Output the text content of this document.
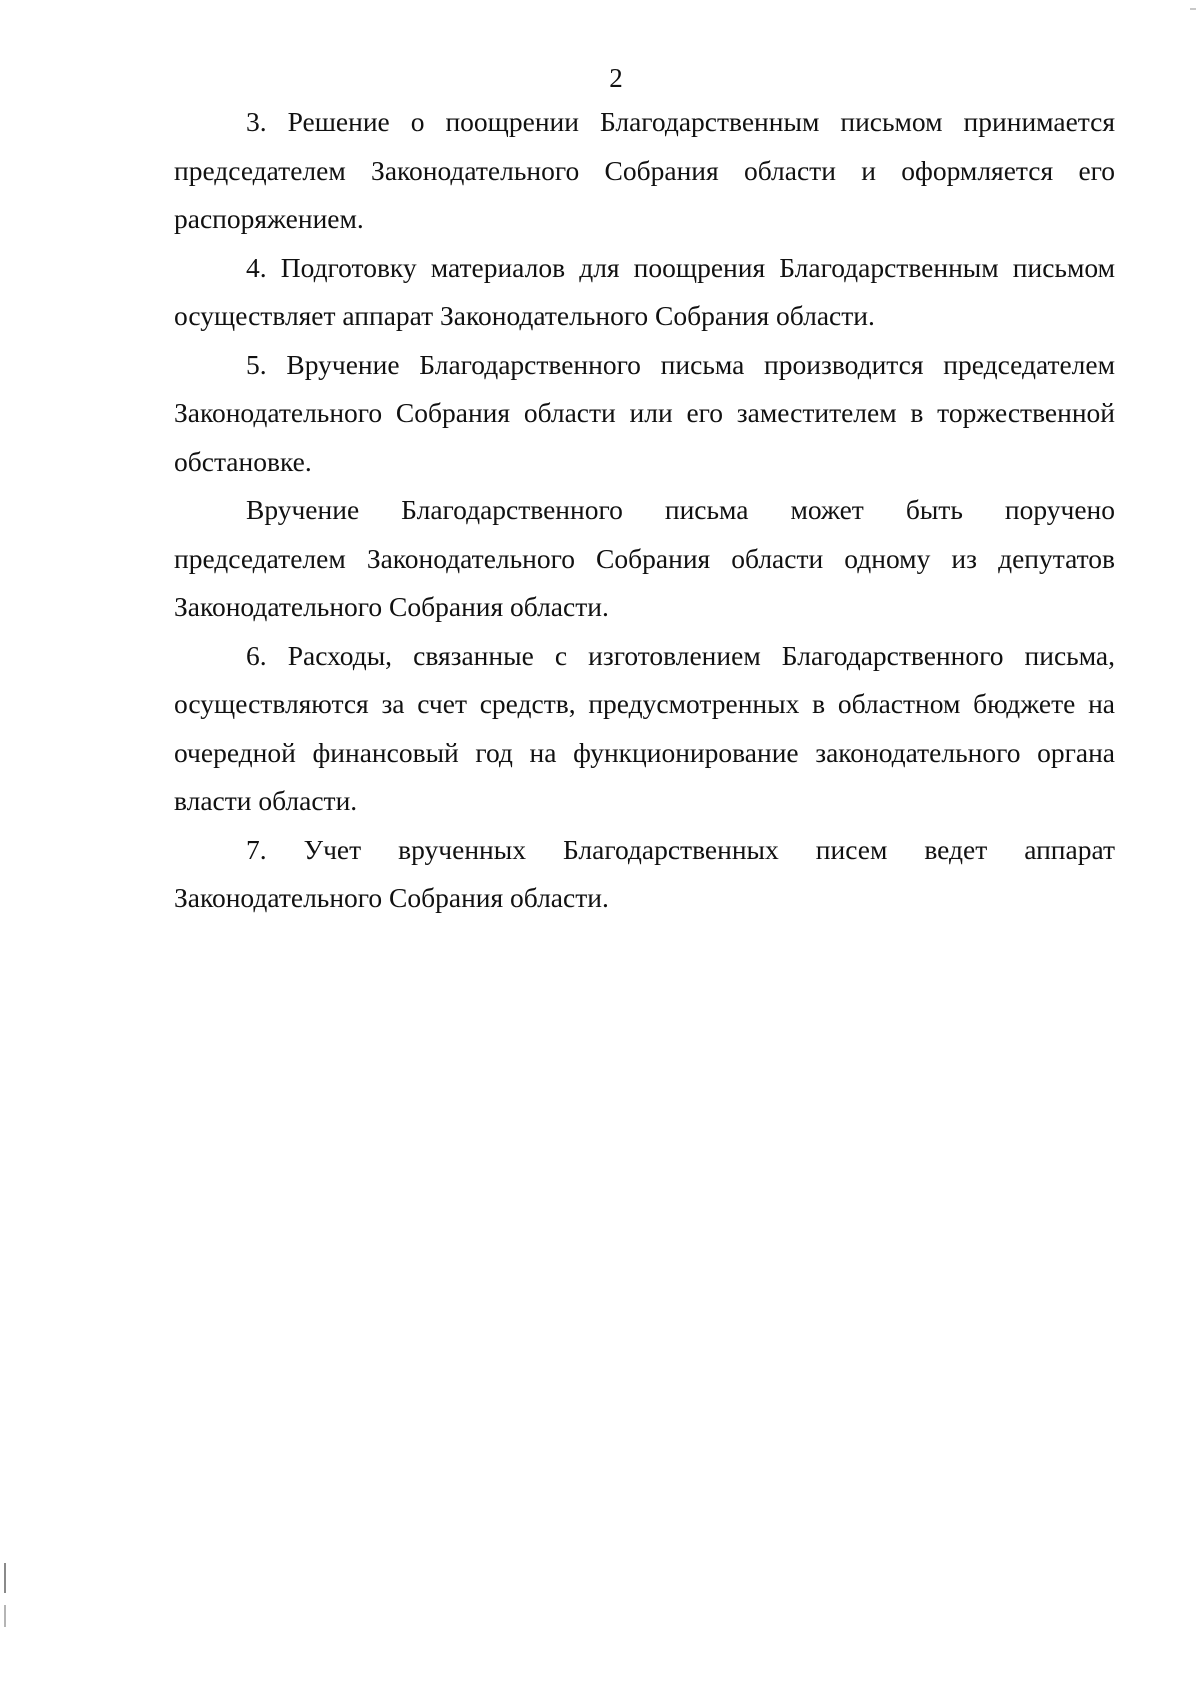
2

3. Решение о поощрении Благодарственным письмом принимается председателем Законодательного Собрания области и оформляется его распоряжением.

4. Подготовку материалов для поощрения Благодарственным письмом осуществляет аппарат Законодательного Собрания области.

5. Вручение Благодарственного письма производится председателем Законодательного Собрания области или его заместителем в торжественной обстановке.

Вручение Благодарственного письма может быть поручено председателем Законодательного Собрания области одному из депутатов Законодательного Собрания области.

6. Расходы, связанные с изготовлением Благодарственного письма, осуществляются за счет средств, предусмотренных в областном бюджете на очередной финансовый год на функционирование законодательного органа власти области.

7. Учет врученных Благодарственных писем ведет аппарат Законодательного Собрания области.
